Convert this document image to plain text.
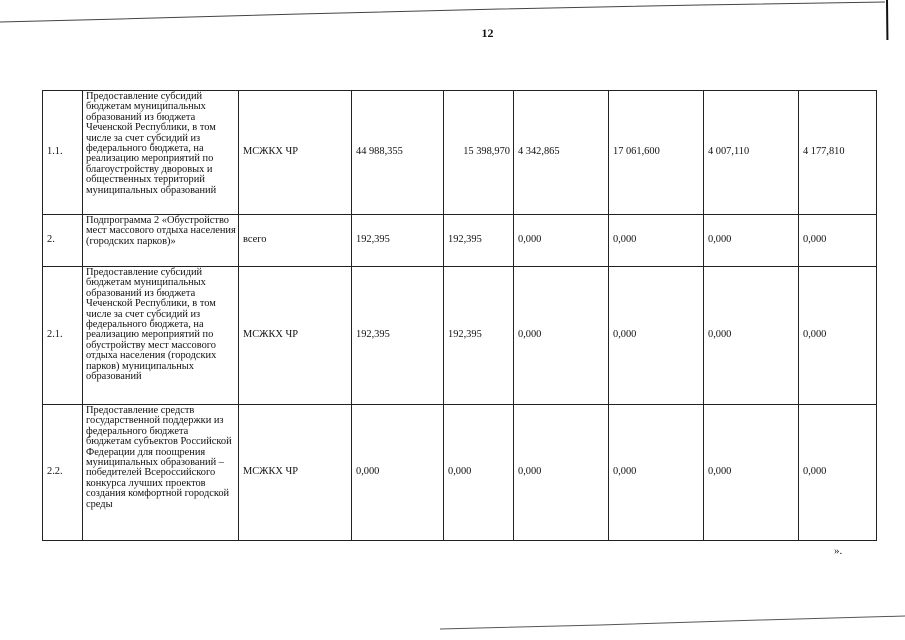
12
1.1.	Предоставление субсидий бюджетам муниципальных образований из бюджета Чеченской Республики, в том числе за счет субсидий из федерального бюджета, на реализацию мероприятий по благоустройству дворовых и общественных территорий муниципальных образований	МСЖКХ ЧР	44 988,355	15 398,970	4 342,865	17 061,600	4 007,110	4 177,810
2.	Подпрограмма 2 «Обустройство мест массового отдыха населения (городских парков)»	всего	192,395	192,395	0,000	0,000	0,000	0,000
2.1.	Предоставление субсидий бюджетам муниципальных образований из бюджета Чеченской Республики, в том числе за счет субсидий из федерального бюджета, на реализацию мероприятий по обустройству мест массового отдыха населения (городских парков) муниципальных образований	МСЖКХ ЧР	192,395	192,395	0,000	0,000	0,000	0,000
2.2.	Предоставление средств государственной поддержки из федерального бюджета бюджетам субъектов Российской Федерации для поощрения муниципальных образований – победителей Всероссийского конкурса лучших проектов создания комфортной городской среды	МСЖКХ ЧР	0,000	0,000	0,000	0,000	0,000	0,000
».
